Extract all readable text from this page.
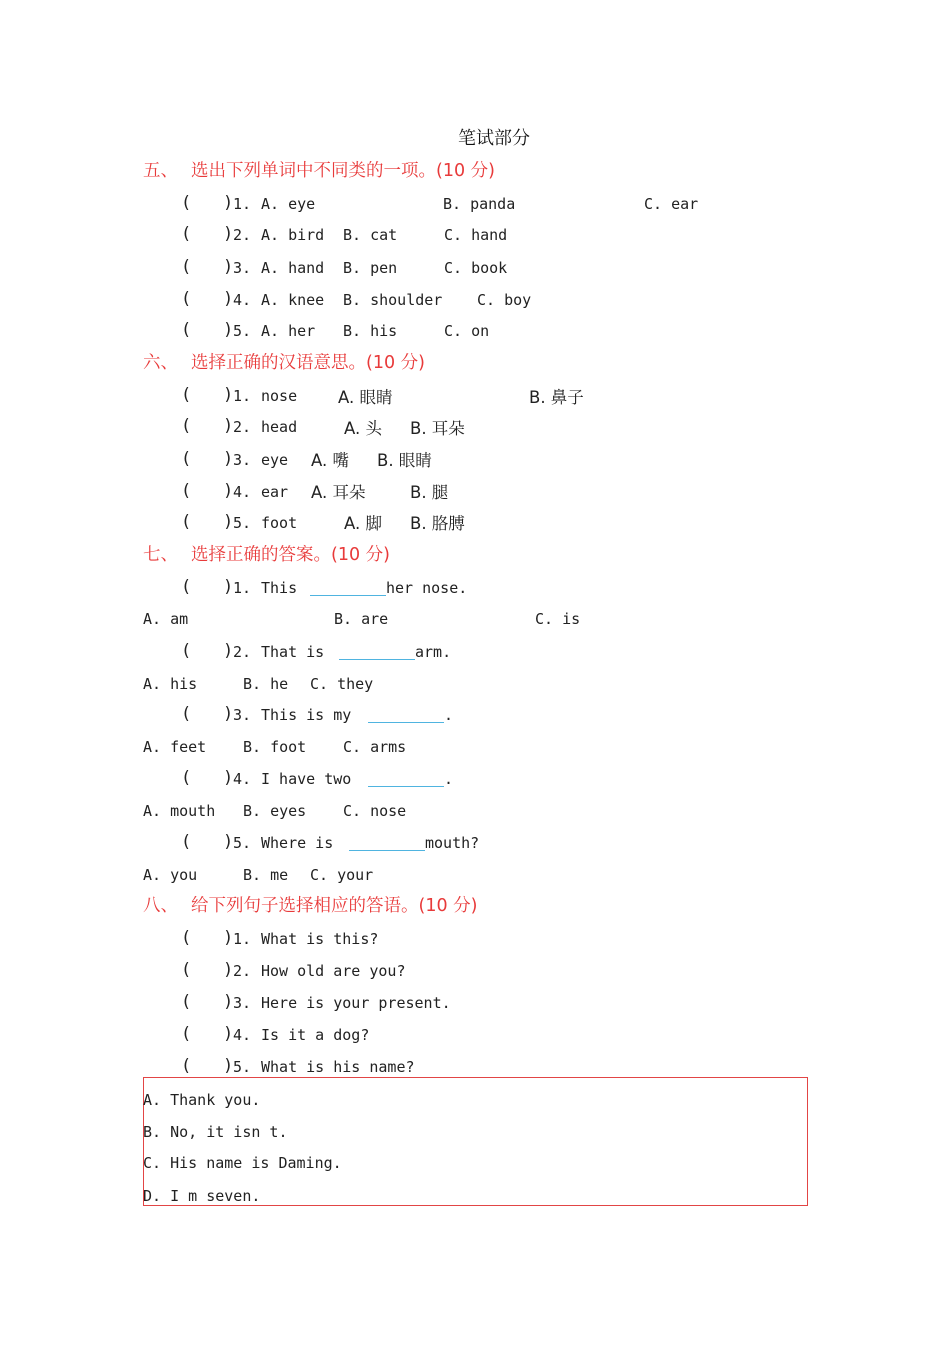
笔试部分
五、 选出下列单词中不同类的一项。(10 分)
( ) 1. A. eye	B. panda	C. ear
( ) 2. A. bird B. cat	C. hand
( ) 3. A. hand B. pen	C. book
( ) 4. A. knee B. shoulder C. boy
( ) 5. A. her B. his	C. on
六、 选择正确的汉语意思。(10 分)
( ) 1. nose A. 眼睛	B. 鼻子
( ) 2. head	A. 头 B. 耳朵
( ) 3. eye A. 嘴 B. 眼睛
( ) 4. ear A. 耳朵	B. 腿
( ) 5. foot	A. 脚 B. 胳膊
七、 选择正确的答案。(10 分)
( ) 1. This	her nose.
A. am	B. are	C. is
( ) 2. That is	arm.
A. his	B. he C. they
( ) 3. This is my	.
A. feet B. foot C. arms
( ) 4. I have two	.
A. mouth B. eyes C. nose
( ) 5. Where is	mouth?
A. you	B. me C. your
八、 给下列句子选择相应的答语。(10 分)
( ) 1. What is this?
( ) 2. How old are you?
( ) 3. Here is your present.
( ) 4. Is it a dog?
( ) 5. What is his name?
A. Thank you.
B. No, it isn t.
C. His name is Daming.
D. I m seven.
